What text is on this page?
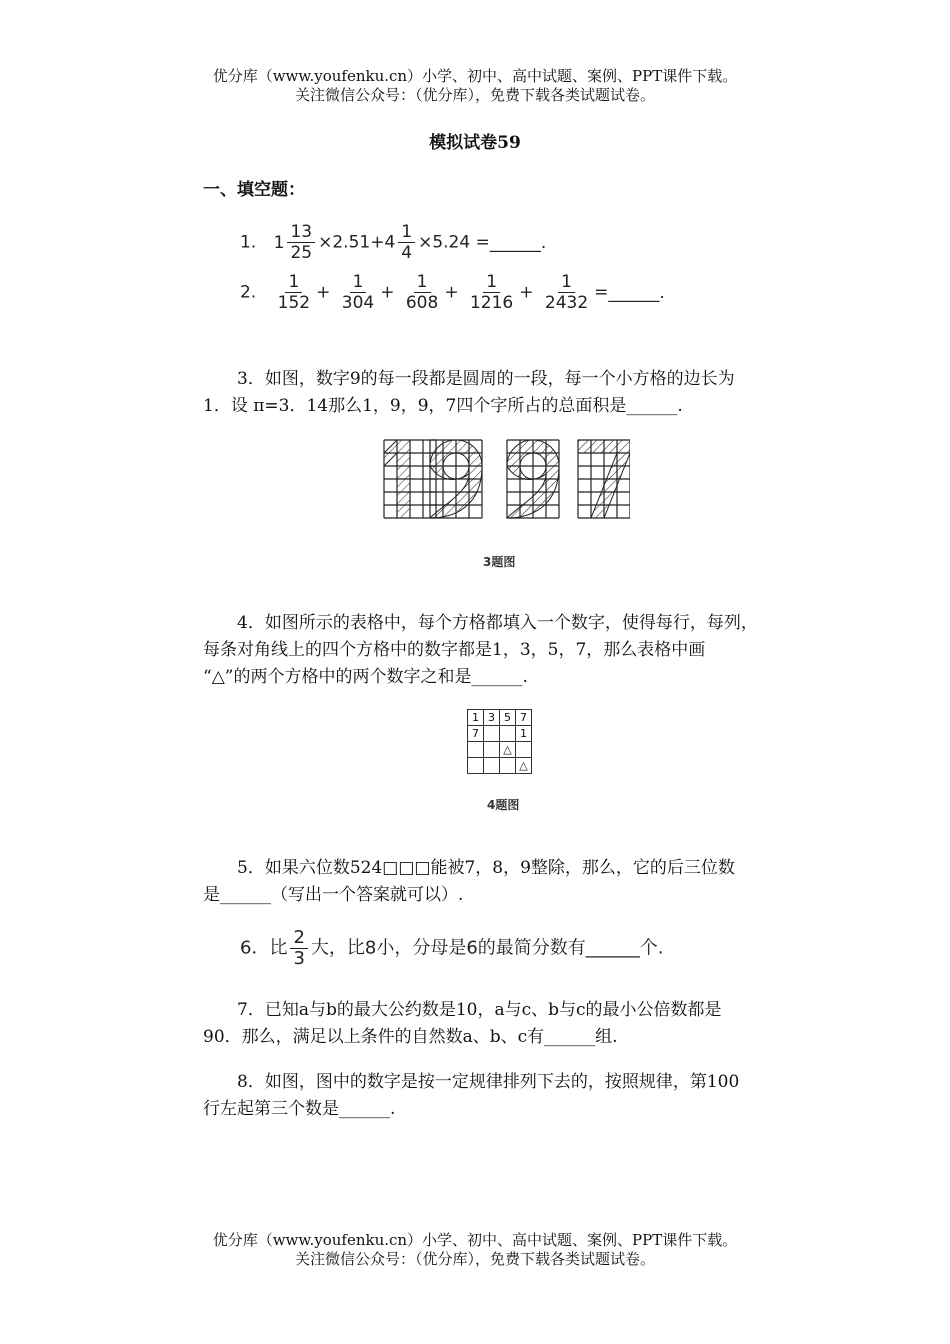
优分库（www.youfenku.cn）小学、初中、高中试题、案例、PPT课件下载。
关注微信公众号：（优分库），免费下载各类试题试卷。
模拟试卷59
一、填空题：
1. $1 \frac{13}{25} \times 2.51+4 \frac{1}{4} \times 5.24$ =______.
2. $\frac{1}{152} + \frac{1}{304} + \frac{1}{608} + \frac{1}{1216} + \frac{1}{2432}$ =______.
3．如图，数字9的每一段都是圆周的一段，每一个小方格的边长为
1．设 π=3．14那么1，9，9，7四个字所占的总面积是______.
3题图
4．如图所示的表格中，每个方格都填入一个数字，使得每行，每列，
每条对角线上的四个方格中的数字都是1，3，5，7，那么表格中画
“△”的两个方格中的两个数字之和是______.
1	3	5	7
7			1
		△	
			△
4题图
5．如果六位数524□□□能被7，8，9整除，那么，它的后三位数
是______（写出一个答案就可以）.
6．比 $\frac{2}{3}$ 大，比8小，分母是6的最简分数有______个.
7．已知a与b的最大公约数是10，a与c、b与c的最小公倍数都是
90．那么，满足以上条件的自然数a、b、c有______组.
8．如图，图中的数字是按一定规律排列下去的，按照规律，第100
行左起第三个数是______.
优分库（www.youfenku.cn）小学、初中、高中试题、案例、PPT课件下载。
关注微信公众号：（优分库），免费下载各类试题试卷。
